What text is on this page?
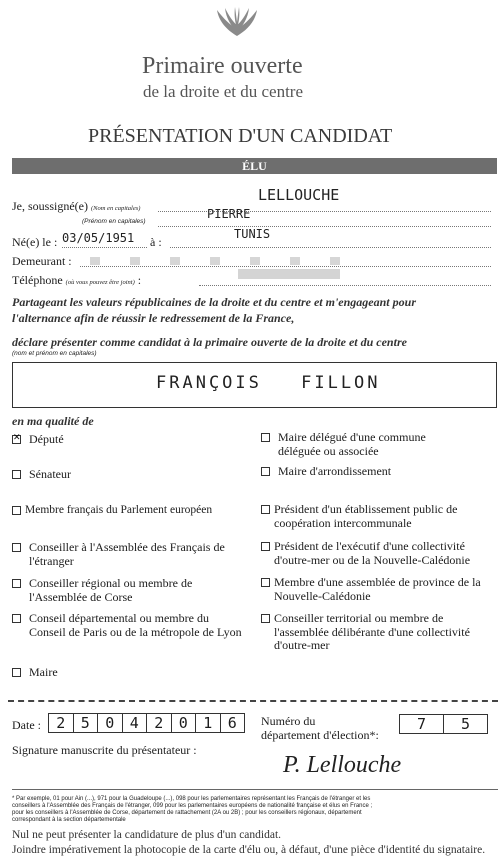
Primaire ouverte
de la droite et du centre
PRÉSENTATION D'UN CANDIDAT
ÉLU
Je, soussigné(e) (Nom en capitales)
LELLOUCHE
(Prénom en capitales)
PIERRE
Né(e) le : 03/05/1951 à :
TUNIS
Demeurant :
Téléphone (où vous pouvez être joint) :
Partageant les valeurs républicaines de la droite et du centre et m'engageant pour
l'alternance afin de réussir le redressement de la France,
déclare présenter comme candidat à la primaire ouverte de la droite et du centre
(nom et prénom en capitales)
FRANÇOIS FILLON
en ma qualité de
✕
Député
Sénateur
Membre français du Parlement européen
Conseiller à l'Assemblée des Français de l'étranger
Conseiller régional ou membre de l'Assemblée de Corse
Conseil départemental ou membre du Conseil de Paris ou de la métropole de Lyon
Maire
Maire délégué d'une commune déléguée ou associée
Maire d'arrondissement
Président d'un établissement public de coopération intercommunale
Président de l'exécutif d'une collectivité d'outre-mer ou de la Nouvelle-Calédonie
Membre d'une assemblée de province de la Nouvelle-Calédonie
Conseiller territorial ou membre de l'assemblée délibérante d'une collectivité d'outre-mer
Date :	2 5 0 4 2 0 1 6	Numéro du
département d'élection*:
7 5
Signature manuscrite du présentateur :
P. Lellouche
* Par exemple, 01 pour Ain (...), 971 pour la Guadeloupe (...), 098 pour les parlementaires représentant les Français de l'étranger et les
conseillers à l'Assemblée des Français de l'étranger, 099 pour les parlementaires européens de nationalité française et élus en France ;
pour les conseillers à l'Assemblée de Corse, département de rattachement (2A ou 2B) ; pour les conseillers régionaux, département
correspondant à la section départementale
Nul ne peut présenter la candidature de plus d'un candidat.
Joindre impérativement la photocopie de la carte d'élu ou, à défaut, d'une pièce d'identité du signataire.
